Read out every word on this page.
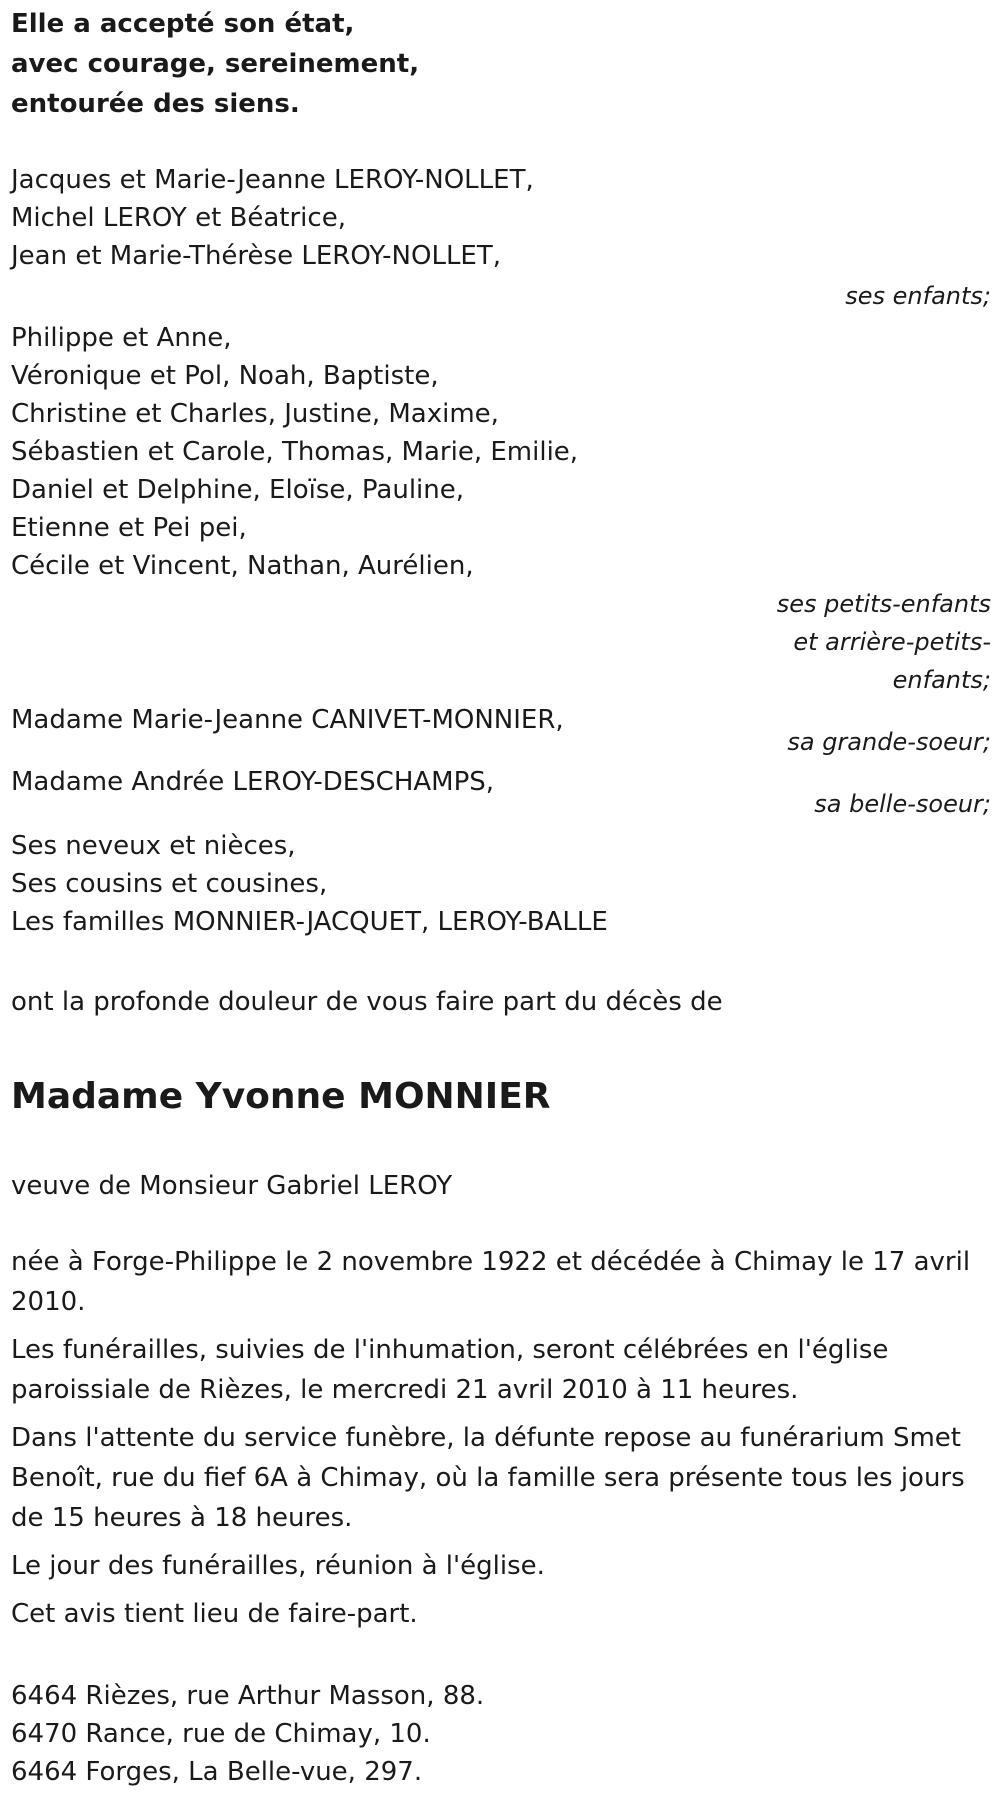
Elle a accepté son état,
avec courage, sereinement,
entourée des siens.
Jacques et Marie-Jeanne LEROY-NOLLET,
Michel LEROY et Béatrice,
Jean et Marie-Thérèse LEROY-NOLLET,
ses enfants;
Philippe et Anne,
Véronique et Pol, Noah, Baptiste,
Christine et Charles, Justine, Maxime,
Sébastien et Carole, Thomas, Marie, Emilie,
Daniel et Delphine, Eloïse, Pauline,
Etienne et Pei pei,
Cécile et Vincent, Nathan, Aurélien,
ses petits-enfants
et arrière-petits-
enfants;
Madame Marie-Jeanne CANIVET-MONNIER,
sa grande-soeur;
Madame Andrée LEROY-DESCHAMPS,
sa belle-soeur;
Ses neveux et nièces,
Ses cousins et cousines,
Les familles MONNIER-JACQUET, LEROY-BALLE
ont la profonde douleur de vous faire part du décès de
Madame Yvonne MONNIER
veuve de Monsieur Gabriel LEROY
née à Forge-Philippe le 2 novembre 1922 et décédée à Chimay le 17 avril 2010.
Les funérailles, suivies de l'inhumation, seront célébrées en l'église paroissiale de Rièzes, le mercredi 21 avril 2010 à 11 heures.
Dans l'attente du service funèbre, la défunte repose au funérarium Smet Benoît, rue du fief 6A à Chimay, où la famille sera présente tous les jours de 15 heures à 18 heures.
Le jour des funérailles, réunion à l'église.
Cet avis tient lieu de faire-part.
6464 Rièzes, rue Arthur Masson, 88.
6470 Rance, rue de Chimay, 10.
6464 Forges, La Belle-vue, 297.
